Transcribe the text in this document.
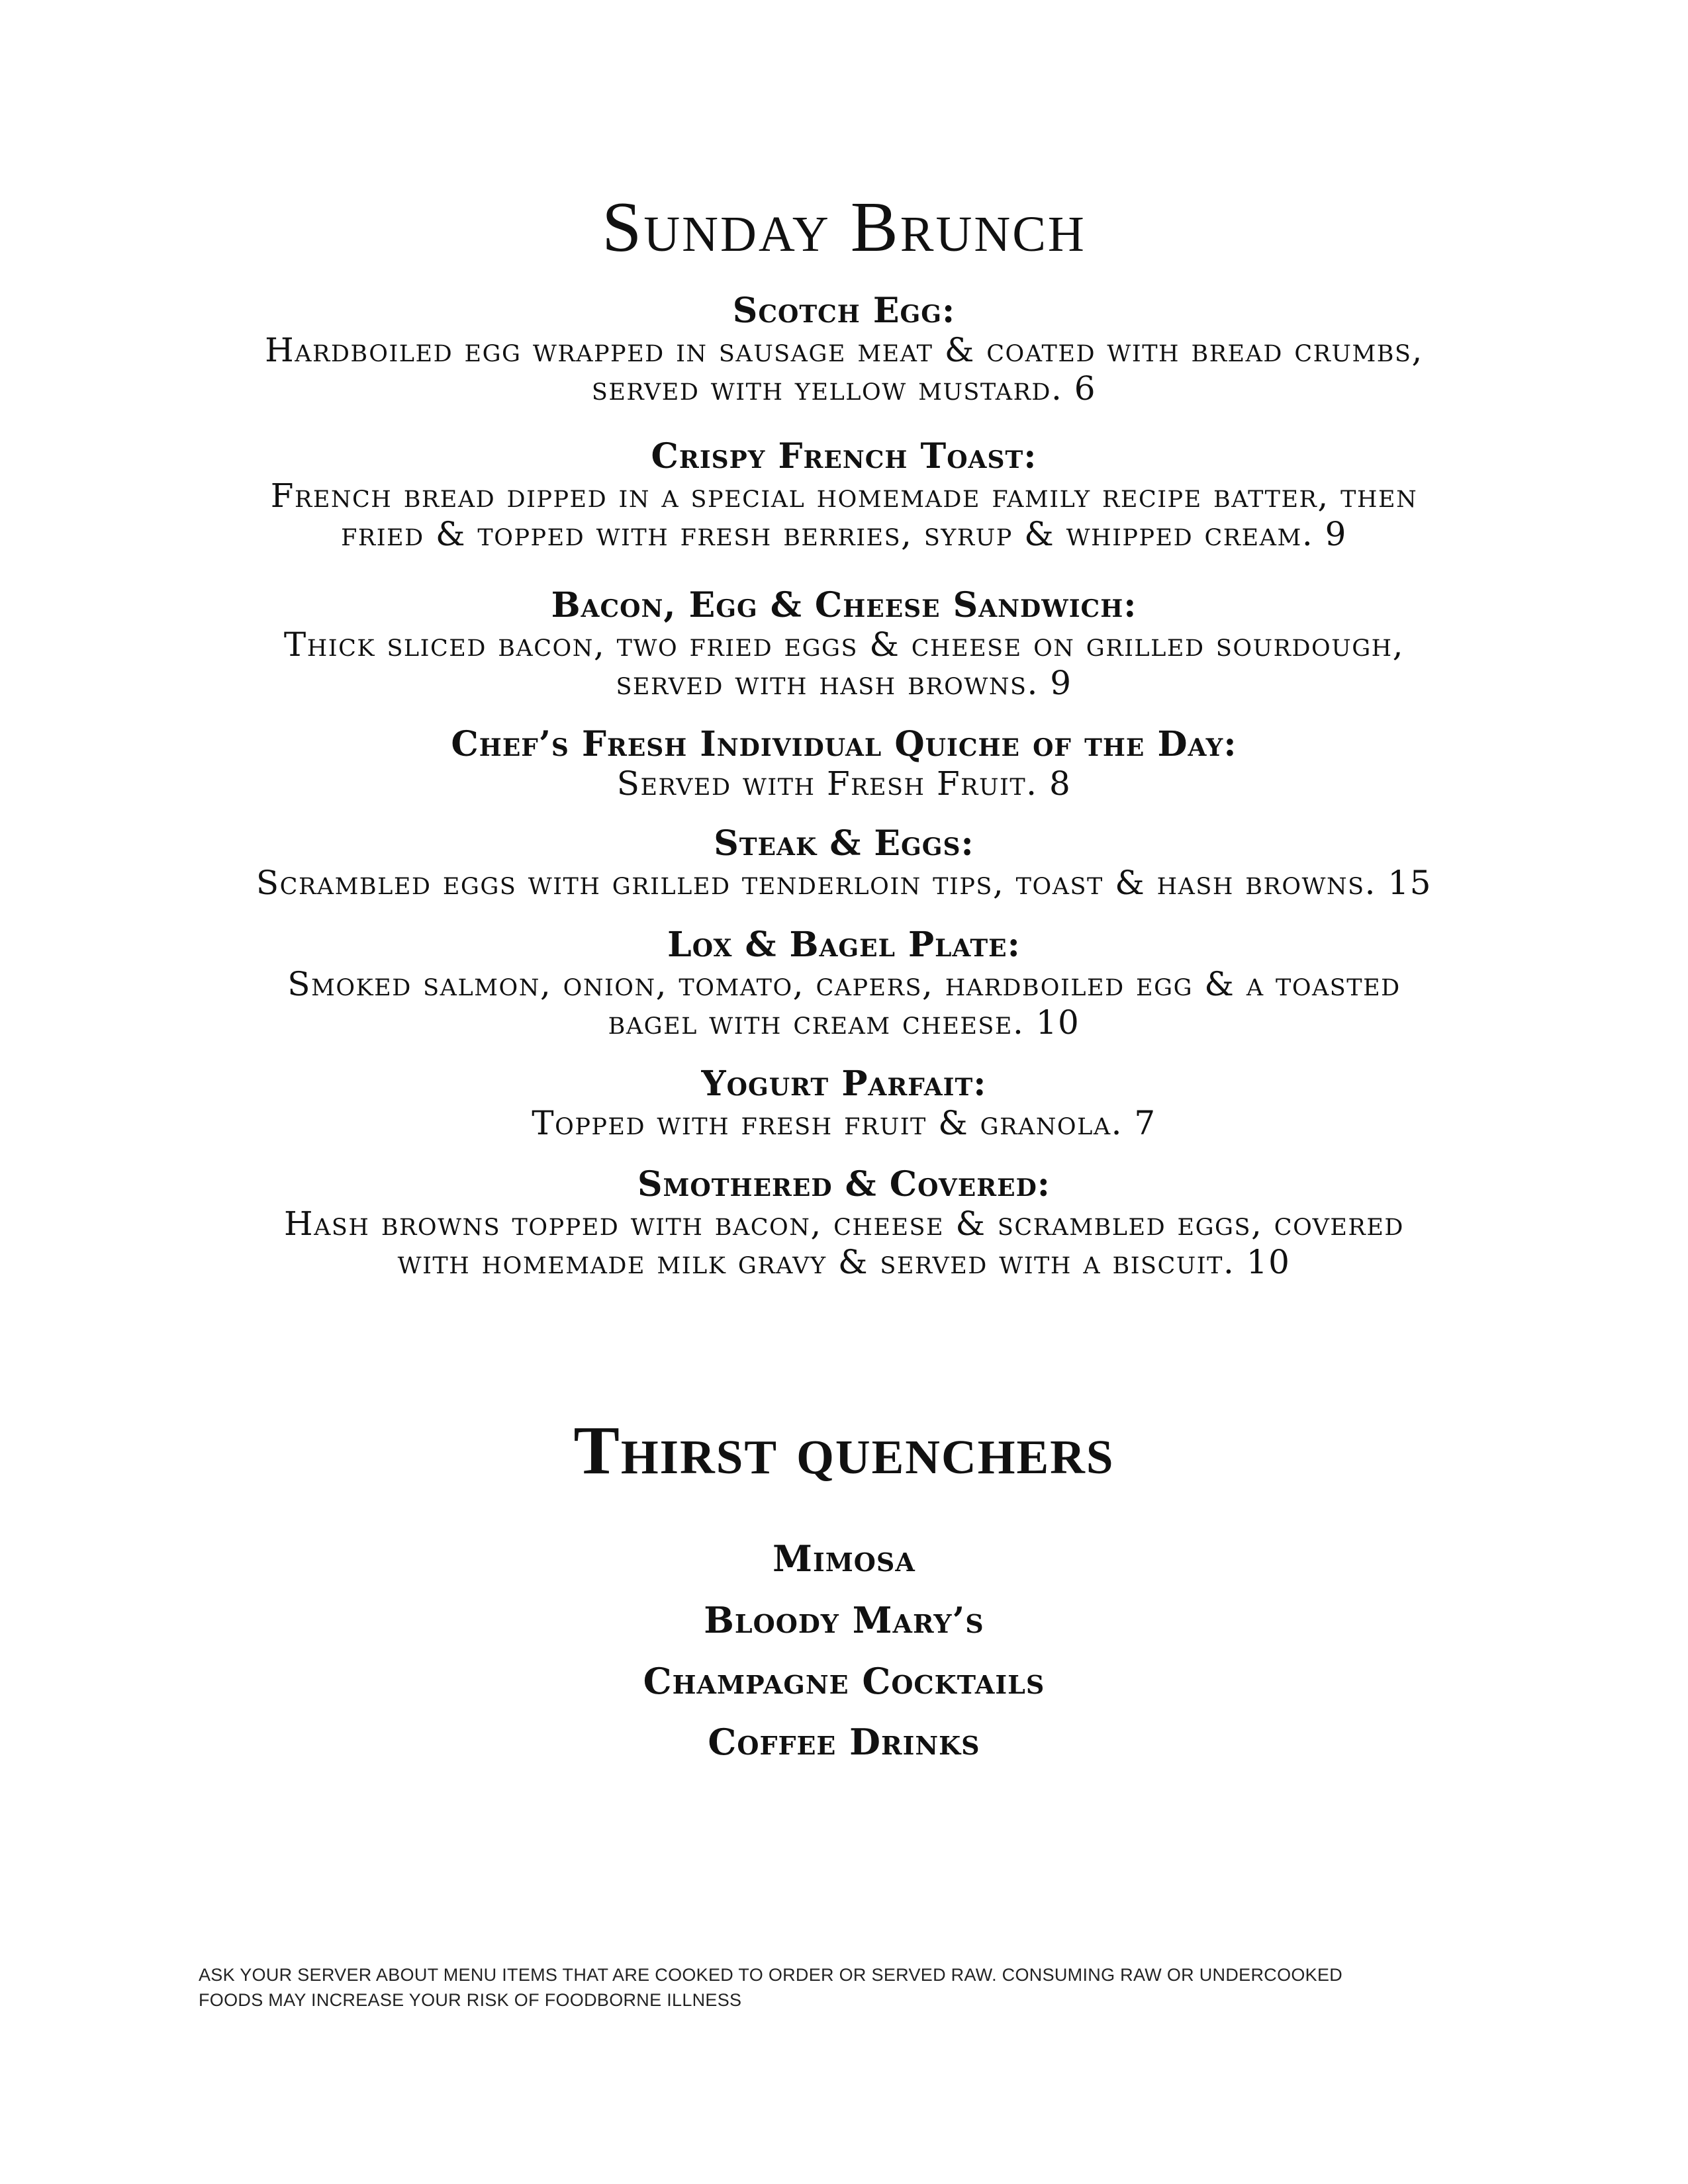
Sunday Brunch
Scotch Egg:
Hardboiled egg wrapped in sausage meat & coated with bread crumbs,
served with yellow mustard. 6
Crispy French Toast:
French bread dipped in a special homemade family recipe batter, then
fried & topped with fresh berries, syrup & whipped cream. 9
Bacon, Egg & Cheese Sandwich:
Thick sliced bacon, two fried eggs & cheese on grilled sourdough,
served with hash browns. 9
Chef’s Fresh Individual Quiche of the Day:
Served with Fresh Fruit. 8
Steak & Eggs:
Scrambled eggs with grilled tenderloin tips, toast & hash browns. 15
Lox & Bagel Plate:
Smoked salmon, onion, tomato, capers, hardboiled egg & a toasted
bagel with cream cheese. 10
Yogurt Parfait:
Topped with fresh fruit & granola. 7
Smothered & Covered:
Hash browns topped with bacon, cheese & scrambled eggs, covered
with homemade milk gravy & served with a biscuit. 10
Thirst quenchers
Mimosa
Bloody Mary’s
Champagne Cocktails
Coffee Drinks
ASK YOUR SERVER ABOUT MENU ITEMS THAT ARE COOKED TO ORDER OR SERVED RAW. CONSUMING RAW OR UNDERCOOKED
FOODS MAY INCREASE YOUR RISK OF FOODBORNE ILLNESS
